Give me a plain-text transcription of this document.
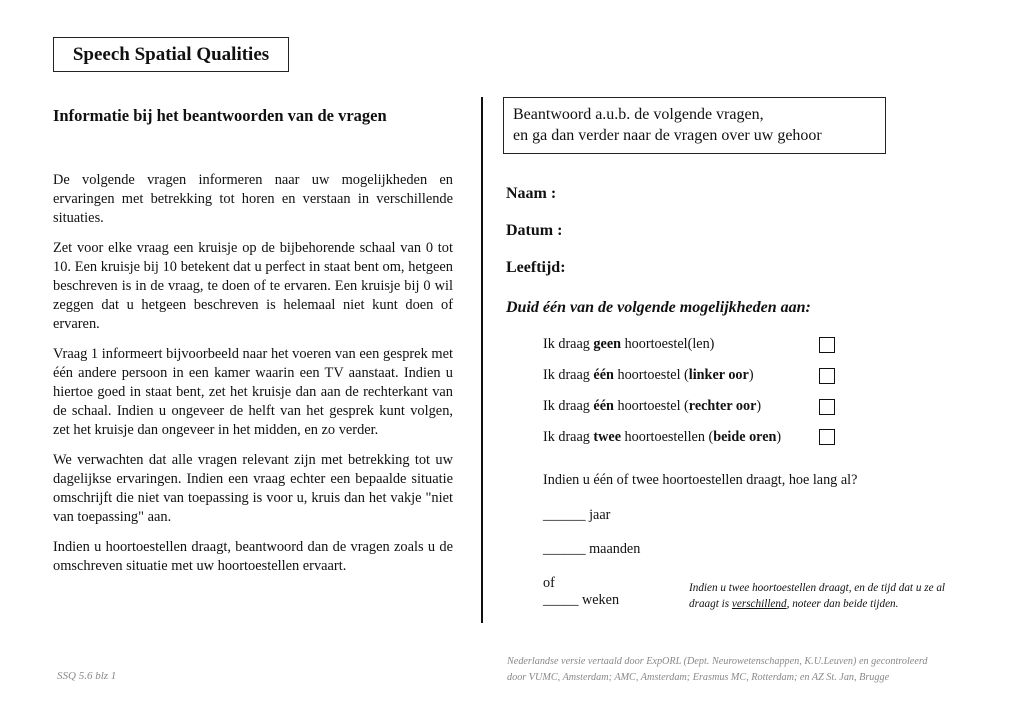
Speech Spatial Qualities
Informatie bij het beantwoorden van de vragen

De volgende vragen informeren naar uw mogelijkheden en ervaringen met betrekking tot horen en verstaan in verschillende situaties.

Zet voor elke vraag een kruisje op de bijbehorende schaal van 0 tot 10. Een kruisje bij 10 betekent dat u perfect in staat bent om, hetgeen beschreven is in de vraag, te doen of te ervaren. Een kruisje bij 0 wil zeggen dat u hetgeen beschreven is helemaal niet kunt doen of ervaren.

Vraag 1 informeert bijvoorbeeld naar het voeren van een gesprek met één andere persoon in een kamer waarin een TV aanstaat. Indien u hiertoe goed in staat bent, zet het kruisje dan aan de rechterkant van de schaal. Indien u ongeveer de helft van het gesprek kunt volgen, zet het kruisje dan ongeveer in het midden, en zo verder.

We verwachten dat alle vragen relevant zijn met betrekking tot uw dagelijkse ervaringen. Indien een vraag echter een bepaalde situatie omschrijft die niet van toepassing is voor u, kruis dan het vakje "niet van toepassing" aan.

Indien u hoortoestellen draagt, beantwoord dan de vragen zoals u de omschreven situatie met uw hoortoestellen ervaart.

Beantwoord a.u.b. de volgende vragen,
en ga dan verder naar de vragen over uw gehoor
Naam :
Datum :
Leeftijd:
Duid één van de volgende mogelijkheden aan:
Ik draag geen hoortoestel(len)
Ik draag één hoortoestel (linker oor)
Ik draag één hoortoestel (rechter oor)
Ik draag twee hoortoestellen (beide oren)
Indien u één of twee hoortoestellen draagt, hoe lang al?
______ jaar
______ maanden
of
_____ weken
Indien u twee hoortoestellen draagt, en de tijd dat u ze al draagt is verschillend, noteer dan beide tijden.
SSQ 5.6 blz 1
Nederlandse versie vertaald door ExpORL (Dept. Neurowetenschappen, K.U.Leuven) en gecontroleerd
door VUMC, Amsterdam; AMC, Amsterdam; Erasmus MC, Rotterdam; en AZ St. Jan, Brugge
